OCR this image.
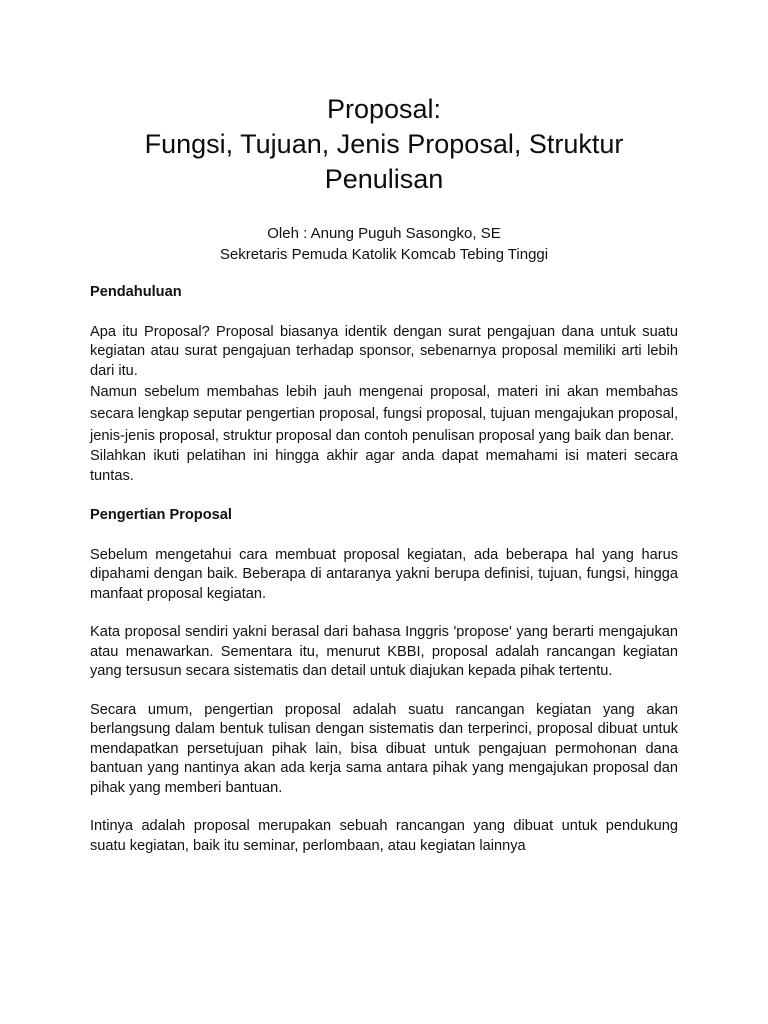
Proposal:
Fungsi, Tujuan, Jenis Proposal, Struktur
Penulisan
Oleh : Anung Puguh Sasongko, SE
Sekretaris Pemuda Katolik Komcab Tebing Tinggi
Pendahuluan

Apa itu Proposal? Proposal biasanya identik dengan surat pengajuan dana untuk suatu kegiatan atau surat pengajuan terhadap sponsor, sebenarnya proposal memiliki arti lebih dari itu.

Namun sebelum membahas lebih jauh mengenai proposal, materi ini akan membahas secara lengkap seputar pengertian proposal, fungsi proposal, tujuan mengajukan proposal, jenis-jenis proposal, struktur proposal dan contoh penulisan proposal yang baik dan benar.

Silahkan ikuti pelatihan ini hingga akhir agar anda dapat memahami isi materi secara tuntas.

Pengertian Proposal

Sebelum mengetahui cara membuat proposal kegiatan, ada beberapa hal yang harus dipahami dengan baik. Beberapa di antaranya yakni berupa definisi, tujuan, fungsi, hingga manfaat proposal kegiatan.

Kata proposal sendiri yakni berasal dari bahasa Inggris 'propose' yang berarti mengajukan atau menawarkan. Sementara itu, menurut KBBI, proposal adalah rancangan kegiatan yang tersusun secara sistematis dan detail untuk diajukan kepada pihak tertentu.

Secara umum, pengertian proposal adalah suatu rancangan kegiatan yang akan berlangsung dalam bentuk tulisan dengan sistematis dan terperinci, proposal dibuat untuk mendapatkan persetujuan pihak lain, bisa dibuat untuk pengajuan permohonan dana bantuan yang nantinya akan ada kerja sama antara pihak yang mengajukan proposal dan pihak yang memberi bantuan.

Intinya adalah proposal merupakan sebuah rancangan yang dibuat untuk pendukung suatu kegiatan, baik itu seminar, perlombaan, atau kegiatan lainnya
